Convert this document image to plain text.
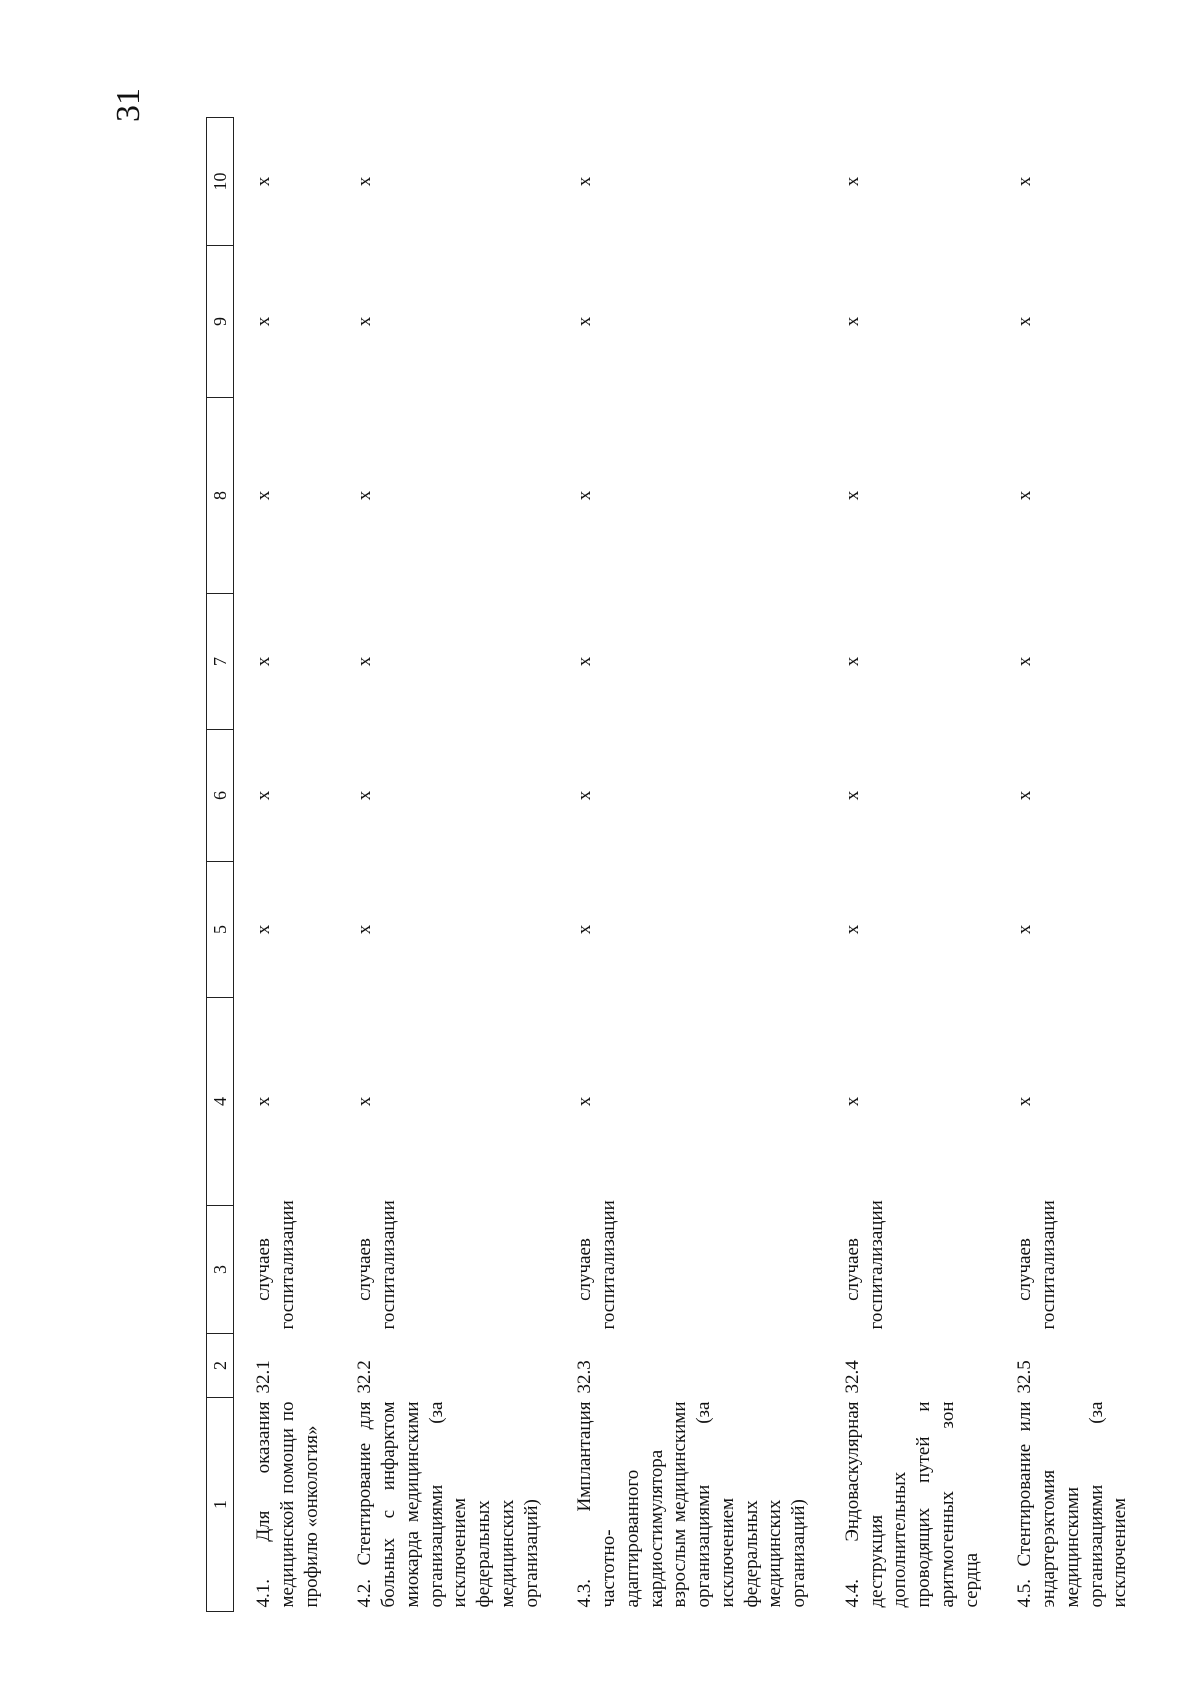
31
1	2	3	4	5	6	7	8	9	10
4.1. Для оказания медицинской помощи по профилю «онкология»	32.1	случаев госпитализации	х	х	х	х	х	х	х
4.2. Стентирование для больных с инфарктом миокарда медицинскими организациями (за исключением федеральных медицинских организаций)	32.2	случаев госпитализации	х	х	х	х	х	х	х
4.3. Имплантация частотно-адаптированного кардиостимулятора взрослым медицинскими организациями (за исключением федеральных медицинских организаций)	32.3	случаев госпитализации	х	х	х	х	х	х	х
4.4. Эндоваскулярная деструкция дополнительных проводящих путей и аритмогенных зон сердца	32.4	случаев госпитализации	х	х	х	х	х	х	х
4.5. Стентирование или эндартерэктомия медицинскими организациями (за исключением	32.5	случаев госпитализации	х	х	х	х	х	х	х
